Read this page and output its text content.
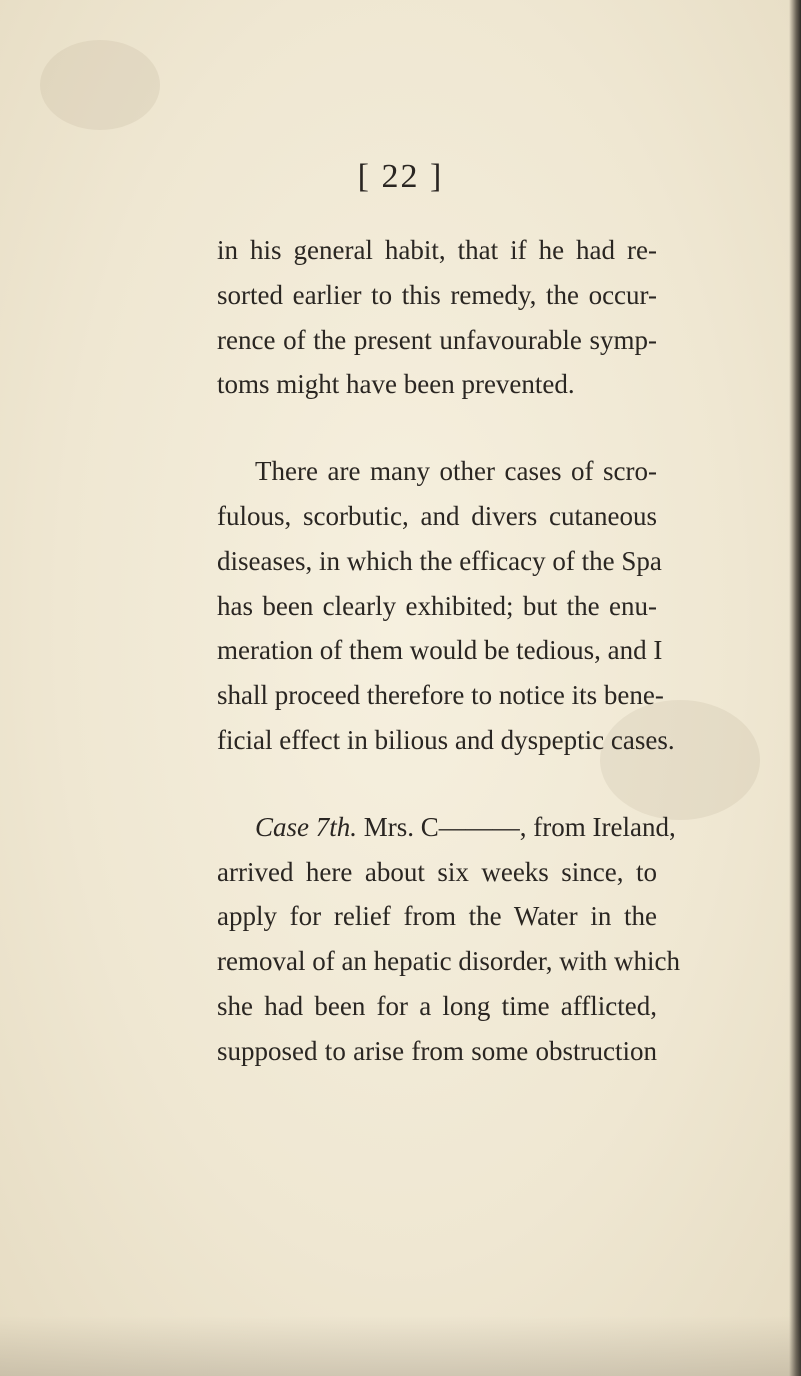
[ 22 ]

in his general habit, that if he had re-
sorted earlier to this remedy, the occur-
rence of the present unfavourable symp-
toms might have been prevented.

There are many other cases of scro-
fulous, scorbutic, and divers cutaneous
diseases, in which the efficacy of the Spa
has been clearly exhibited; but the enu-
meration of them would be tedious, and I
shall proceed therefore to notice its bene-
ficial effect in bilious and dyspeptic cases.

Case 7th. Mrs. C———, from Ireland,
arrived here about six weeks since, to
apply for relief from the Water in the
removal of an hepatic disorder, with which
she had been for a long time afflicted,
supposed to arise from some obstruction
